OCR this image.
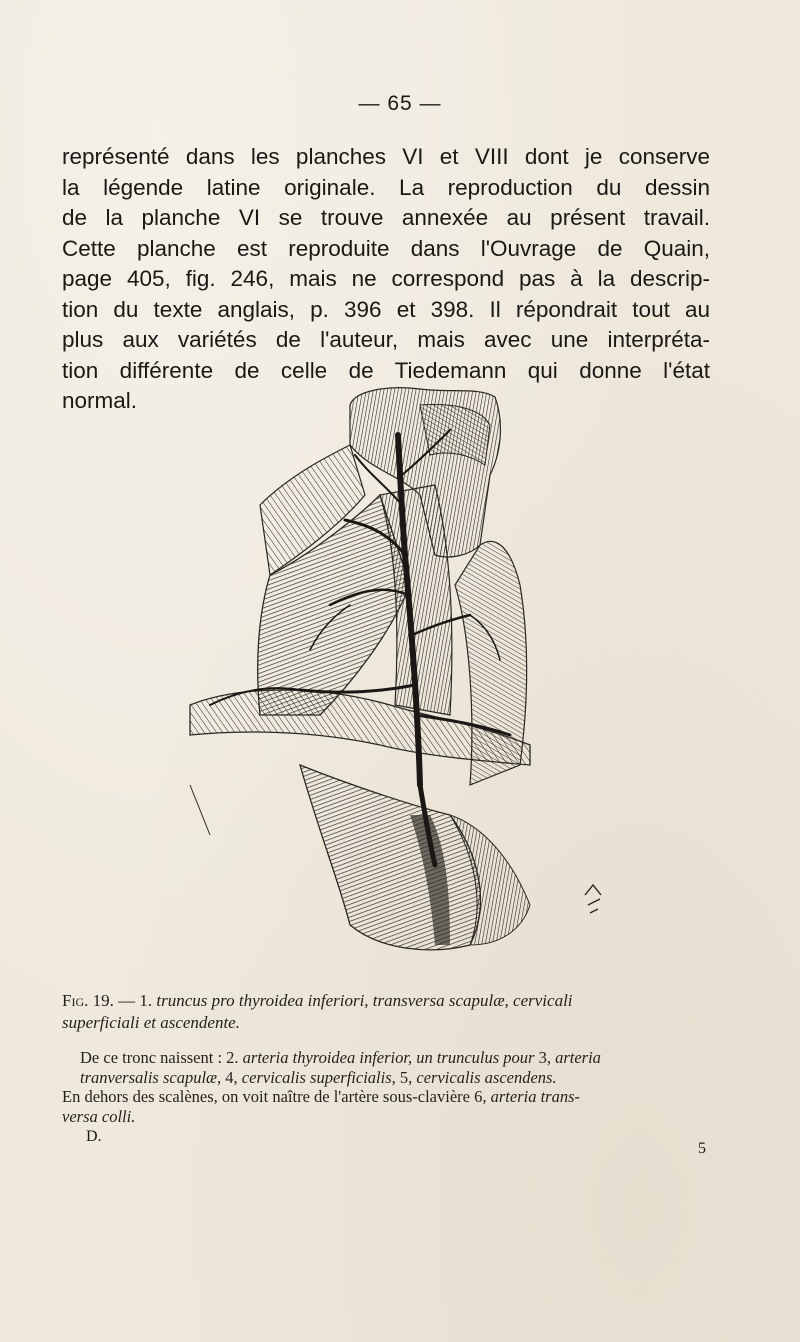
— 65 —

représenté dans les planches VI et VIII dont je conserve
la légende latine originale. La reproduction du dessin
de la planche VI se trouve annexée au présent travail.
Cette planche est reproduite dans l'Ouvrage de Quain,
page 405, fig. 246, mais ne correspond pas à la descrip-
tion du texte anglais, p. 396 et 398. Il répondrait tout au
plus aux variétés de l'auteur, mais avec une interpréta-
tion différente de celle de Tiedemann qui donne l'état
normal.

Fig. 19. — 1. truncus pro thyroidea inferiori, transversa scapulæ, cervicali
superficiali et ascendente.

De ce tronc naissent : 2. arteria thyroidea inferior, un trunculus pour 3, arteria

tranversalis scapulæ, 4, cervicalis superficialis, 5, cervicalis ascendens.

En dehors des scalènes, on voit naître de l'artère sous-clavière 6, arteria trans-

versa colli.

D.
5
